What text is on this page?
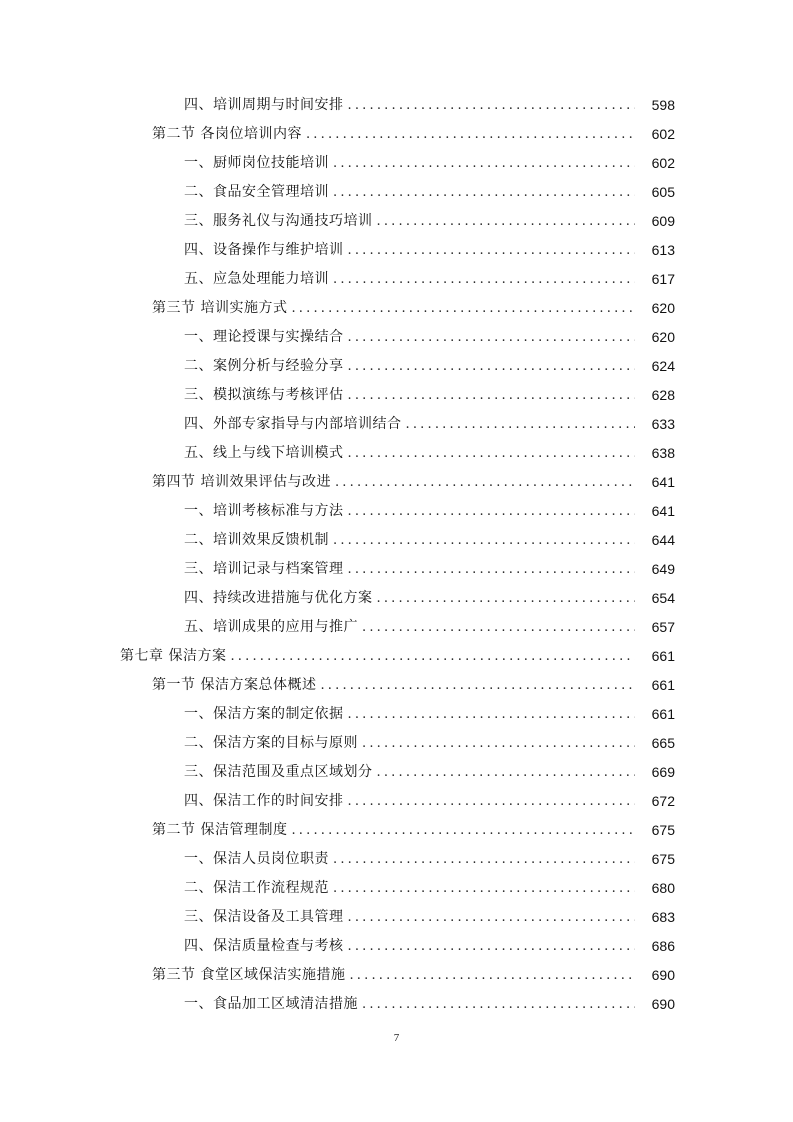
四、培训周期与时间安排 .....	598
第二节 各岗位培训内容 .....	602
一、厨师岗位技能培训 .....	602
二、食品安全管理培训 .....	605
三、服务礼仪与沟通技巧培训 .....	609
四、设备操作与维护培训 .....	613
五、应急处理能力培训 .....	617
第三节 培训实施方式 .....	620
一、理论授课与实操结合 .....	620
二、案例分析与经验分享 .....	624
三、模拟演练与考核评估 .....	628
四、外部专家指导与内部培训结合 .....	633
五、线上与线下培训模式 .....	638
第四节 培训效果评估与改进 .....	641
一、培训考核标准与方法 .....	641
二、培训效果反馈机制 .....	644
三、培训记录与档案管理 .....	649
四、持续改进措施与优化方案 .....	654
五、培训成果的应用与推广 .....	657
第七章 保洁方案 .....	661
第一节 保洁方案总体概述 .....	661
一、保洁方案的制定依据 .....	661
二、保洁方案的目标与原则 .....	665
三、保洁范围及重点区域划分 .....	669
四、保洁工作的时间安排 .....	672
第二节 保洁管理制度 .....	675
一、保洁人员岗位职责 .....	675
二、保洁工作流程规范 .....	680
三、保洁设备及工具管理 .....	683
四、保洁质量检查与考核 .....	686
第三节 食堂区域保洁实施措施 .....	690
一、食品加工区域清洁措施 .....	690
7
